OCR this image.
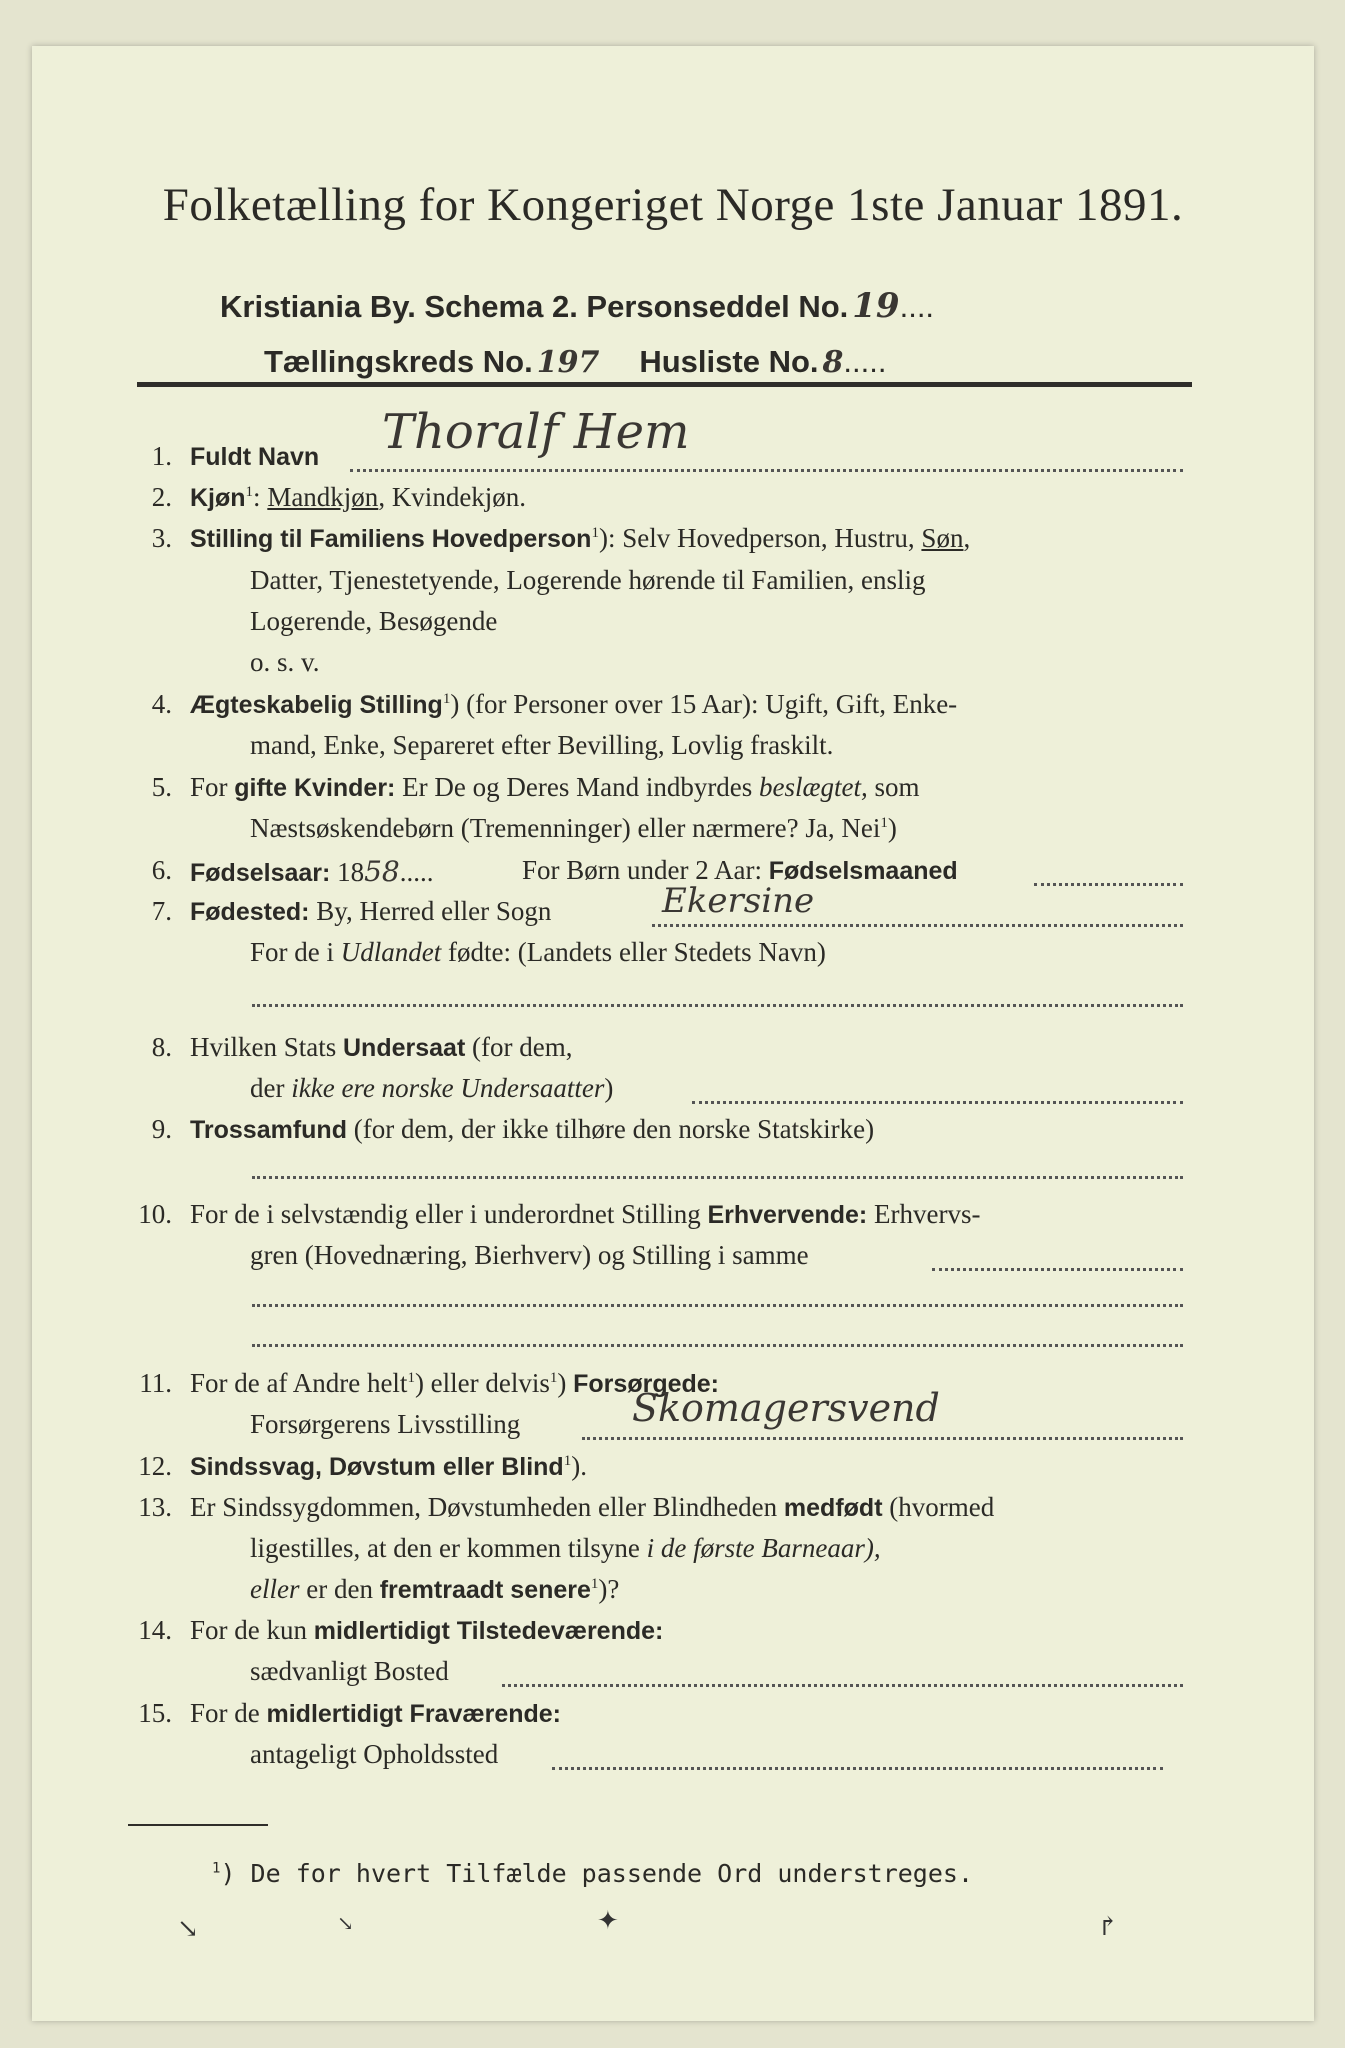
Folketælling for Kongeriget Norge 1ste Januar 1891.
Kristiania By. Schema 2. Personseddel No. 19....
Tællingskreds No. 197 Husliste No. 8.....
1. Fuldt Navn Thoralf Hem
2. Kjøn$^1$: Mandkjøn, Kvindekjøn.
3. Stilling til Familiens Hovedperson$^1$): Selv Hovedperson, Hustru, Søn,
Datter, Tjenestetyende, Logerende hørende til Familien, enslig
Logerende, Besøgende
o. s. v.
4. Ægteskabelig Stilling$^1$) (for Personer over 15 Aar): Ugift, Gift, Enke-
mand, Enke, Separeret efter Bevilling, Lovlig fraskilt.
5. For gifte Kvinder: Er De og Deres Mand indbyrdes beslægtet, som
Næstsøskendebørn (Tremenninger) eller nærmere? Ja, Nei$^1$)
6. Fødselsaar: 1858.....	For Børn under 2 Aar: Fødselsmaaned
7. Fødested: By, Herred eller Sogn	Ekersine
For de i Udlandet fødte: (Landets eller Stedets Navn)
8. Hvilken Stats Undersaat (for dem,
der ikke ere norske Undersaatter)
9. Trossamfund (for dem, der ikke tilhøre den norske Statskirke)
10. For de i selvstændig eller i underordnet Stilling Erhvervende: Erhvervs-
gren (Hovednæring, Bierhverv) og Stilling i samme
11. For de af Andre helt$^1$) eller delvis$^1$) Forsørgede:
Forsørgerens Livsstilling	Skomagersvend
12. Sindssvag, Døvstum eller Blind$^1$).
13. Er Sindssygdommen, Døvstumheden eller Blindheden medfødt (hvormed
ligestilles, at den er kommen tilsyne i de første Barneaar),
eller er den fremtraadt senere$^1$)?
14. For de kun midlertidigt Tilstedeværende:
sædvanligt Bosted
15. For de midlertidigt Fraværende:
antageligt Opholdssted
$^1$) De for hvert Tilfælde passende Ord understreges.
↘	↘	✦	↱
